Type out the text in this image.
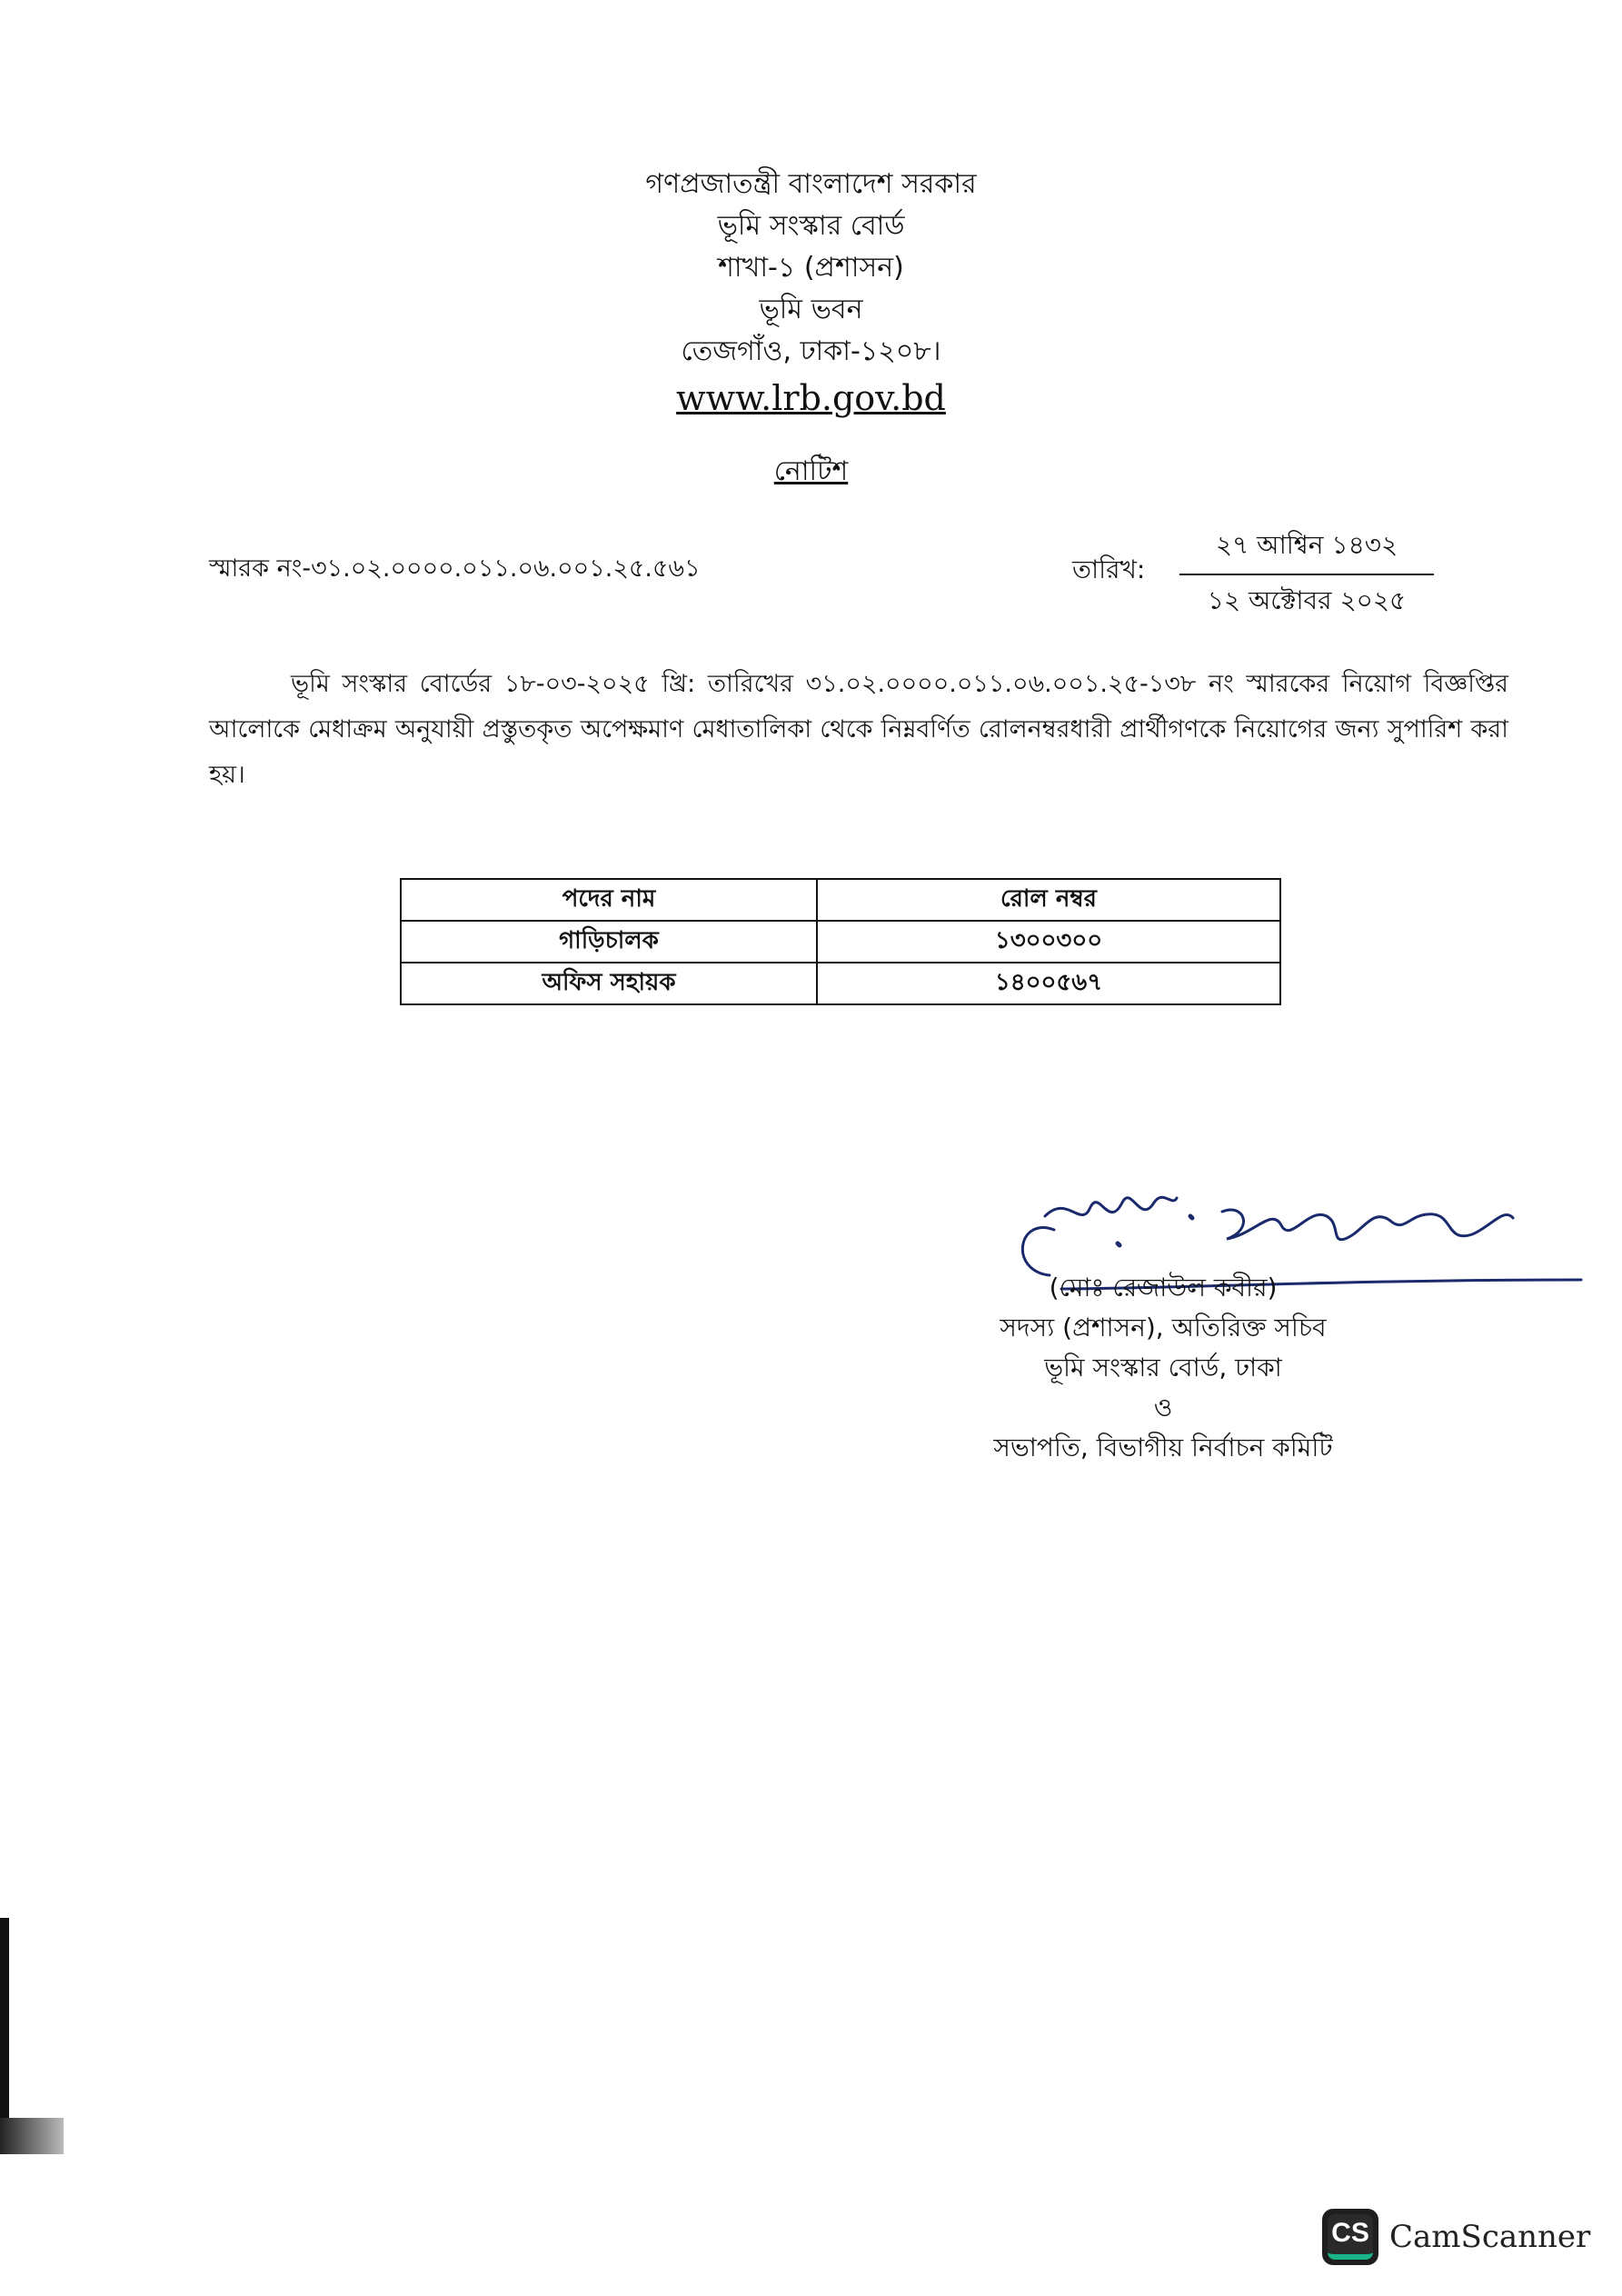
গণপ্রজাতন্ত্রী বাংলাদেশ সরকার
ভূমি সংস্কার বোর্ড
শাখা-১ (প্রশাসন)
ভূমি ভবন
তেজগাঁও, ঢাকা-১২০৮।
www.lrb.gov.bd
নোটিশ
স্মারক নং-৩১.০২.০০০০.০১১.০৬.০০১.২৫.৫৬১	তারিখ:
২৭ আশ্বিন ১৪৩২
১২ অক্টোবর ২০২৫
ভূমি সংস্কার বোর্ডের ১৮-০৩-২০২৫ খ্রি: তারিখের ৩১.০২.০০০০.০১১.০৬.০০১.২৫-১৩৮ নং স্মারকের নিয়োগ বিজ্ঞপ্তির আলোকে মেধাক্রম অনুযায়ী প্রস্তুতকৃত অপেক্ষমাণ মেধাতালিকা থেকে নিম্নবর্ণিত রোলনম্বরধারী প্রার্থীগণকে নিয়োগের জন্য সুপারিশ করা হয়।
পদের নাম	রোল নম্বর
গাড়িচালক	১৩০০৩০০
অফিস সহায়ক	১৪০০৫৬৭
(মোঃ রেজাউল কবীর)
সদস্য (প্রশাসন), অতিরিক্ত সচিব
ভূমি সংস্কার বোর্ড, ঢাকা
ও
সভাপতি, বিভাগীয় নির্বাচন কমিটি
CS CamScanner
